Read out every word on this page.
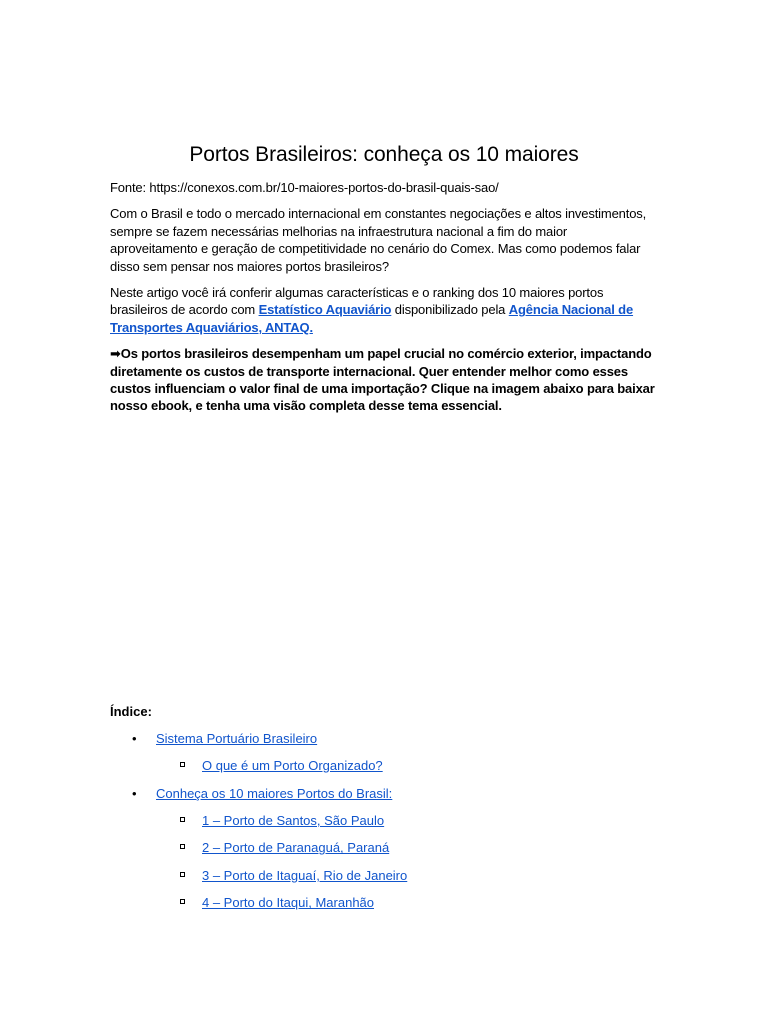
Portos Brasileiros: conheça os 10 maiores

Fonte: https://conexos.com.br/10-maiores-portos-do-brasil-quais-sao/

Com o Brasil e todo o mercado internacional em constantes negociações e altos investimentos, sempre se fazem necessárias melhorias na infraestrutura nacional a fim do maior aproveitamento e geração de competitividade no cenário do Comex. Mas como podemos falar disso sem pensar nos maiores portos brasileiros?

Neste artigo você irá conferir algumas características e o ranking dos 10 maiores portos brasileiros de acordo com Estatístico Aquaviário disponibilizado pela Agência Nacional de Transportes Aquaviários, ANTAQ.

➡Os portos brasileiros desempenham um papel crucial no comércio exterior, impactando diretamente os custos de transporte internacional. Quer entender melhor como esses custos influenciam o valor final de uma importação? Clique na imagem abaixo para baixar nosso ebook, e tenha uma visão completa desse tema essencial.

Índice:
• Sistema Portuário Brasileiro
O que é um Porto Organizado?
• Conheça os 10 maiores Portos do Brasil:
1 – Porto de Santos, São Paulo
2 – Porto de Paranaguá, Paraná
3 – Porto de Itaguaí, Rio de Janeiro
4 – Porto do Itaqui, Maranhão
